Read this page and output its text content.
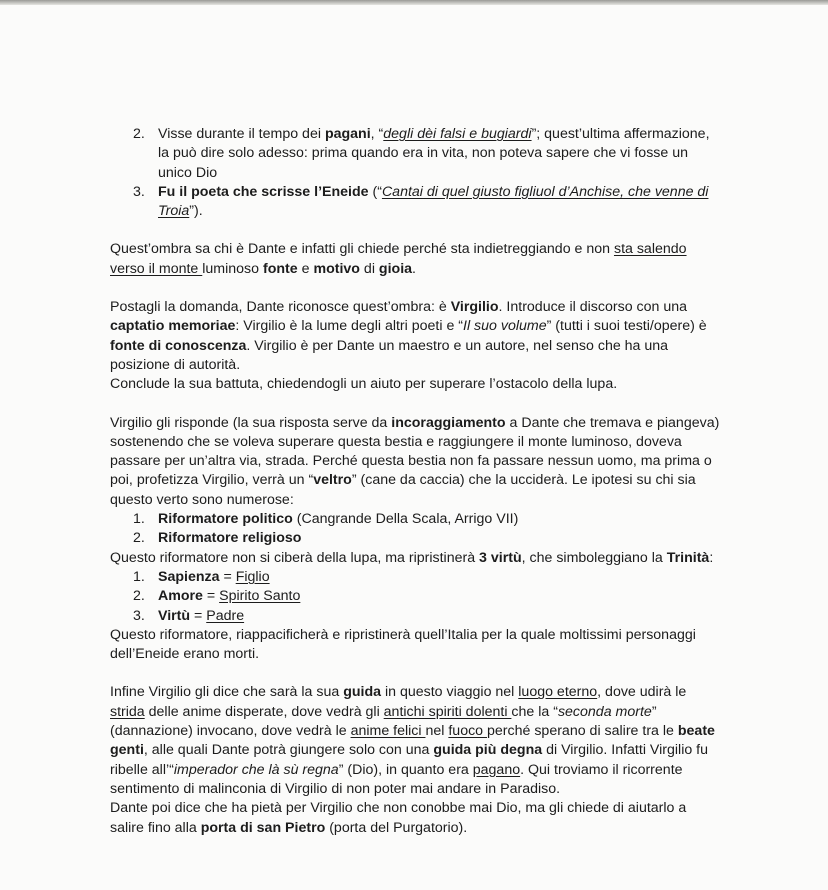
2. Visse durante il tempo dei pagani, “degli dèi falsi e bugiardi”; quest’ultima affermazione, la può dire solo adesso: prima quando era in vita, non poteva sapere che vi fosse un unico Dio
3. Fu il poeta che scrisse l’Eneide (“Cantai di quel giusto figliuol d’Anchise, che venne di Troia”).

Quest’ombra sa chi è Dante e infatti gli chiede perché sta indietreggiando e non sta salendo verso il monte luminoso fonte e motivo di gioia.

Postagli la domanda, Dante riconosce quest’ombra: è Virgilio. Introduce il discorso con una captatio memoriae: Virgilio è la lume degli altri poeti e “Il suo volume” (tutti i suoi testi/opere) è fonte di conoscenza. Virgilio è per Dante un maestro e un autore, nel senso che ha una posizione di autorità.

Conclude la sua battuta, chiedendogli un aiuto per superare l’ostacolo della lupa.

Virgilio gli risponde (la sua risposta serve da incoraggiamento a Dante che tremava e piangeva) sostenendo che se voleva superare questa bestia e raggiungere il monte luminoso, doveva passare per un’altra via, strada. Perché questa bestia non fa passare nessun uomo, ma prima o poi, profetizza Virgilio, verrà un “veltro” (cane da caccia) che la ucciderà. Le ipotesi su chi sia questo verto sono numerose:

1. Riformatore politico (Cangrande Della Scala, Arrigo VII)
2. Riformatore religioso

Questo riformatore non si ciberà della lupa, ma ripristinerà 3 virtù, che simboleggiano la Trinità:

1. Sapienza = Figlio
2. Amore = Spirito Santo
3. Virtù = Padre

Questo riformatore, riappacificherà e ripristinerà quell’Italia per la quale moltissimi personaggi dell’Eneide erano morti.

Infine Virgilio gli dice che sarà la sua guida in questo viaggio nel luogo eterno, dove udirà le strida delle anime disperate, dove vedrà gli antichi spiriti dolenti che la “seconda morte” (dannazione) invocano, dove vedrà le anime felici nel fuoco perché sperano di salire tra le beate genti, alle quali Dante potrà giungere solo con una guida più degna di Virgilio. Infatti Virgilio fu ribelle all’“imperador che là sù regna” (Dio), in quanto era pagano. Qui troviamo il ricorrente sentimento di malinconia di Virgilio di non poter mai andare in Paradiso.

Dante poi dice che ha pietà per Virgilio che non conobbe mai Dio, ma gli chiede di aiutarlo a salire fino alla porta di san Pietro (porta del Purgatorio).
